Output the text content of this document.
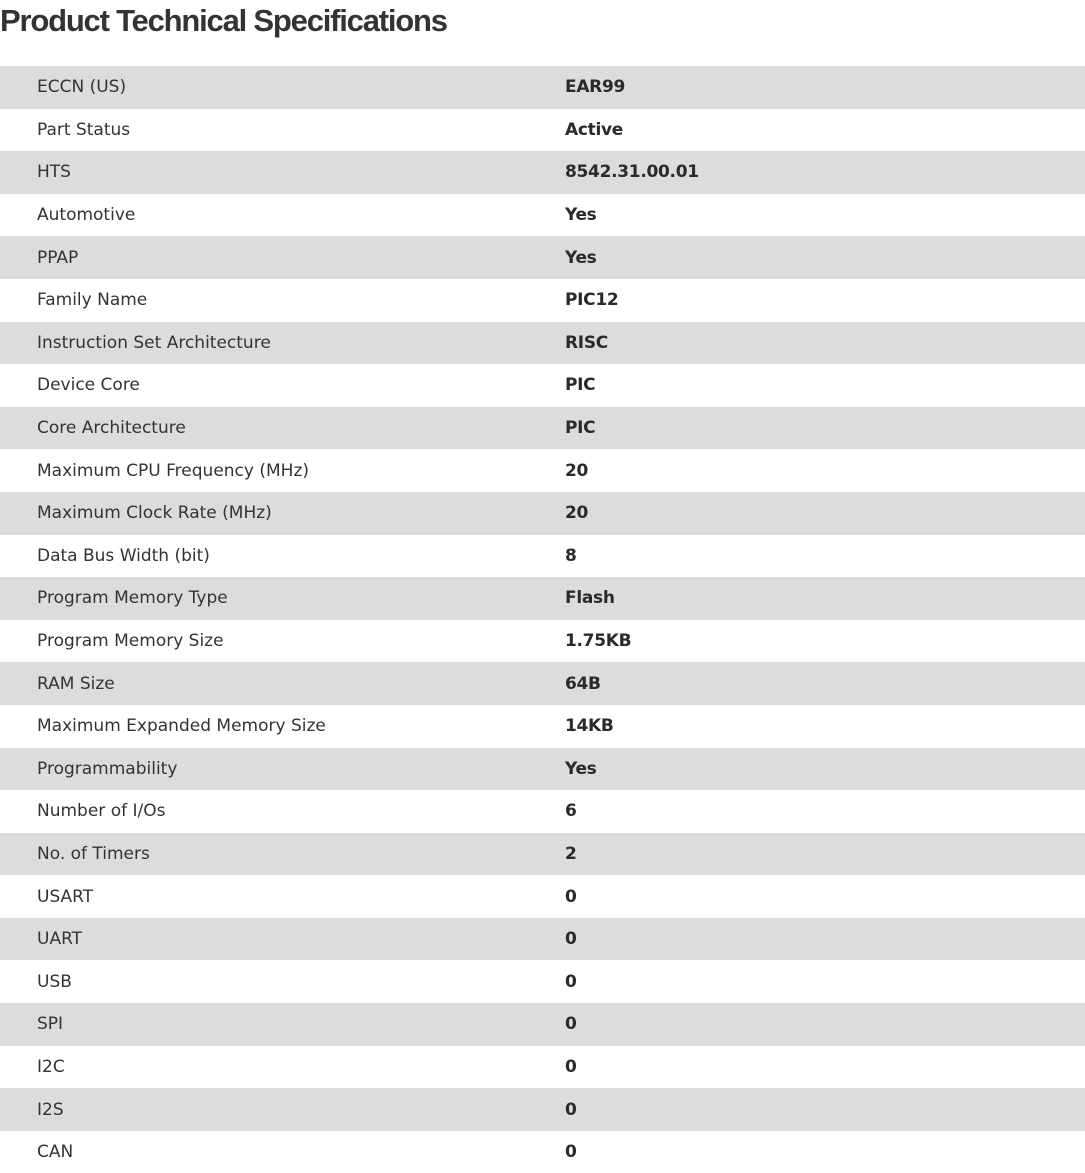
Product Technical Specifications
ECCN (US)	EAR99
Part Status	Active
HTS	8542.31.00.01
Automotive	Yes
PPAP	Yes
Family Name	PIC12
Instruction Set Architecture	RISC
Device Core	PIC
Core Architecture	PIC
Maximum CPU Frequency (MHz)	20
Maximum Clock Rate (MHz)	20
Data Bus Width (bit)	8
Program Memory Type	Flash
Program Memory Size	1.75KB
RAM Size	64B
Maximum Expanded Memory Size	14KB
Programmability	Yes
Number of I/Os	6
No. of Timers	2
USART	0
UART	0
USB	0
SPI	0
I2C	0
I2S	0
CAN	0
